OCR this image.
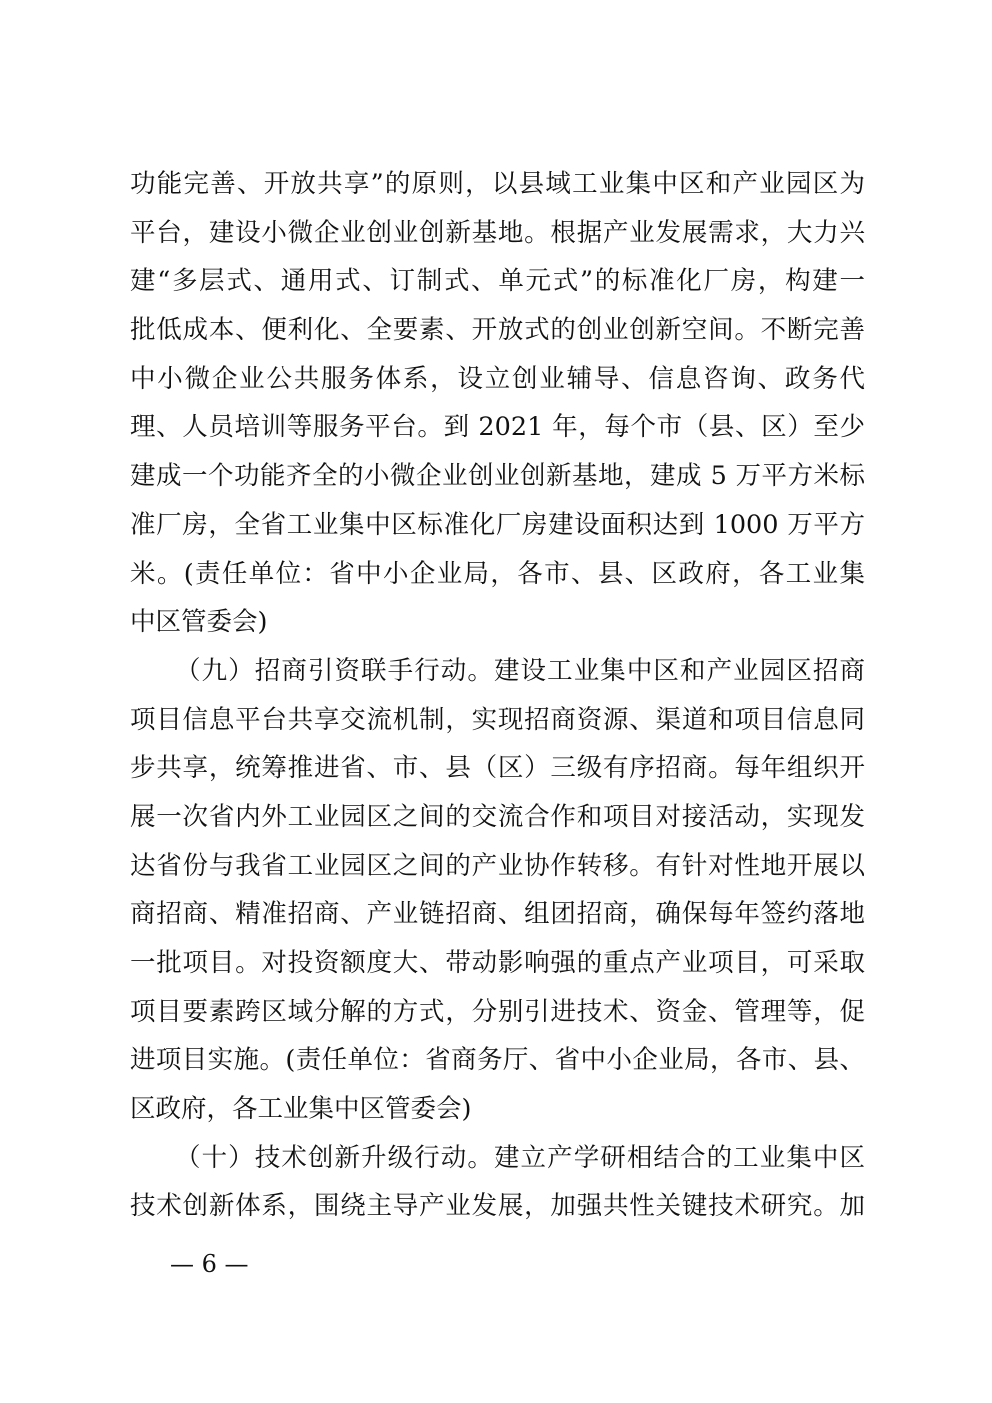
功能完善、开放共享”的原则，以县域工业集中区和产业园区为
平台，建设小微企业创业创新基地。根据产业发展需求，大力兴
建“多层式、通用式、订制式、单元式”的标准化厂房，构建一
批低成本、便利化、全要素、开放式的创业创新空间。不断完善
中小微企业公共服务体系，设立创业辅导、信息咨询、政务代
理、人员培训等服务平台。到 2021 年，每个市（县、区）至少
建成一个功能齐全的小微企业创业创新基地，建成 5 万平方米标
准厂房，全省工业集中区标准化厂房建设面积达到 1000 万平方
米。(责任单位：省中小企业局，各市、县、区政府，各工业集
中区管委会)
（九）招商引资联手行动。建设工业集中区和产业园区招商
项目信息平台共享交流机制，实现招商资源、渠道和项目信息同
步共享，统筹推进省、市、县（区）三级有序招商。每年组织开
展一次省内外工业园区之间的交流合作和项目对接活动，实现发
达省份与我省工业园区之间的产业协作转移。有针对性地开展以
商招商、精准招商、产业链招商、组团招商，确保每年签约落地
一批项目。对投资额度大、带动影响强的重点产业项目，可采取
项目要素跨区域分解的方式，分别引进技术、资金、管理等，促
进项目实施。(责任单位：省商务厅、省中小企业局，各市、县、
区政府，各工业集中区管委会)
（十）技术创新升级行动。建立产学研相结合的工业集中区
技术创新体系，围绕主导产业发展，加强共性关键技术研究。加
— 6 —
